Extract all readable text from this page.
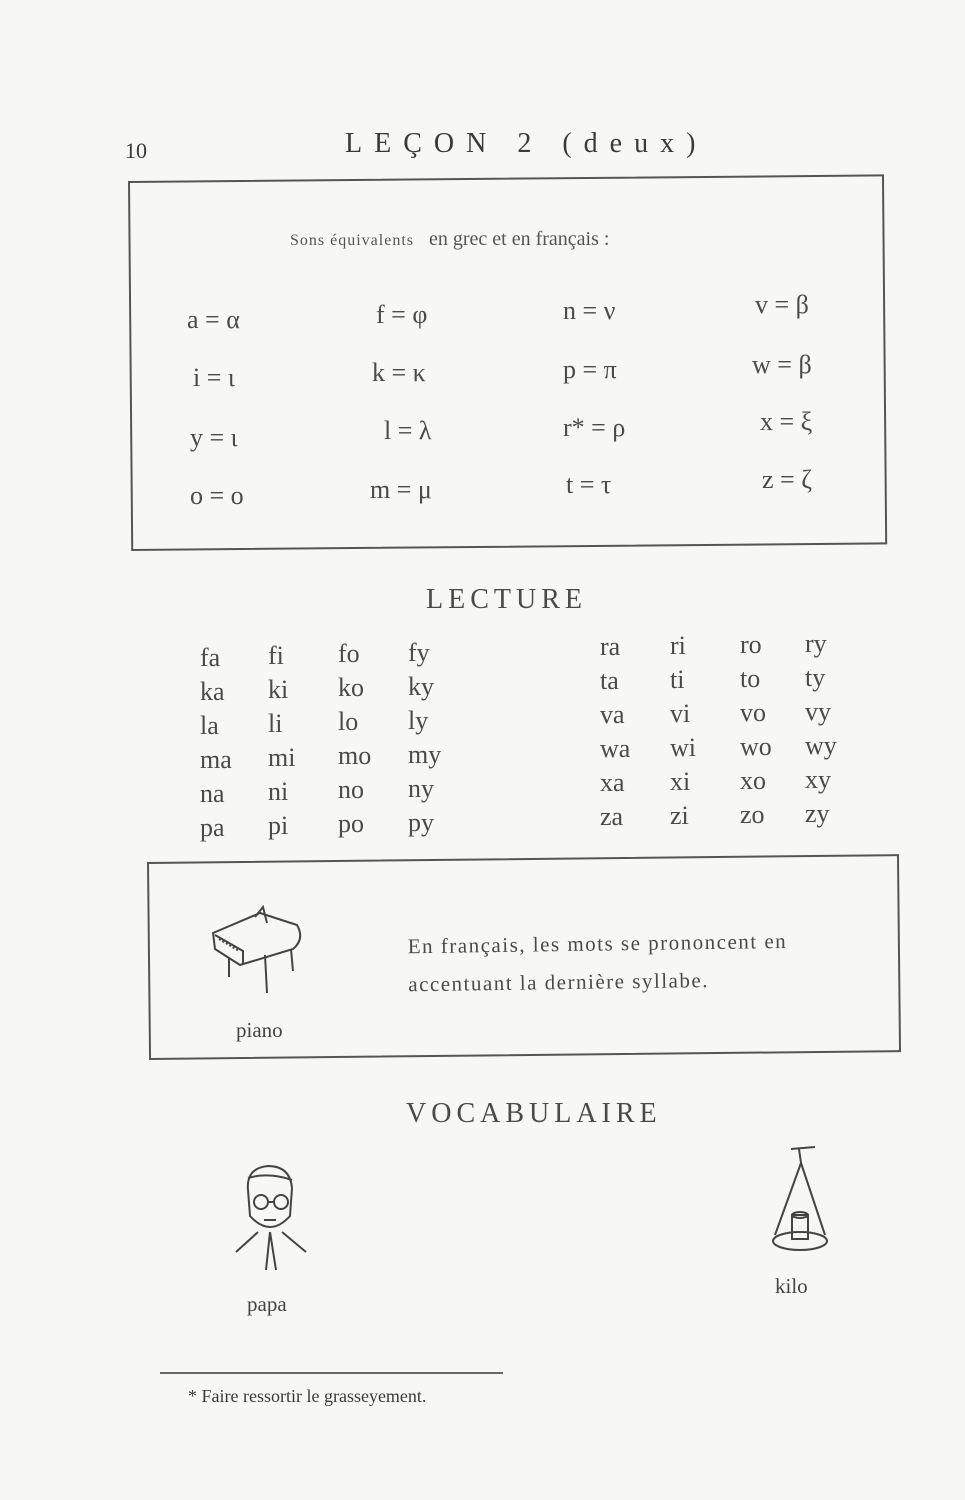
10	LEÇON 2 (deux)
Sons équivalents en grec et en français :
a = α
i = ι
y = ι
o = o
f = φ
k = κ
l = λ
m = μ
n = ν
p = π
r* = ρ
t = τ
v = β
w = β
x = ξ
z = ζ
LECTURE
fa fi fo fy
ka ki ko ky
la li lo ly
ma mi mo my
na ni no ny
pa pi po py
ra ri ro ry
ta ti to ty
va vi vo vy
wa wi wo wy
xa xi xo xy
za zi zo zy
piano
En français, les mots se prononcent en accentuant la dernière syllabe.
VOCABULAIRE
papa
kilo
* Faire ressortir le grasseyement.
